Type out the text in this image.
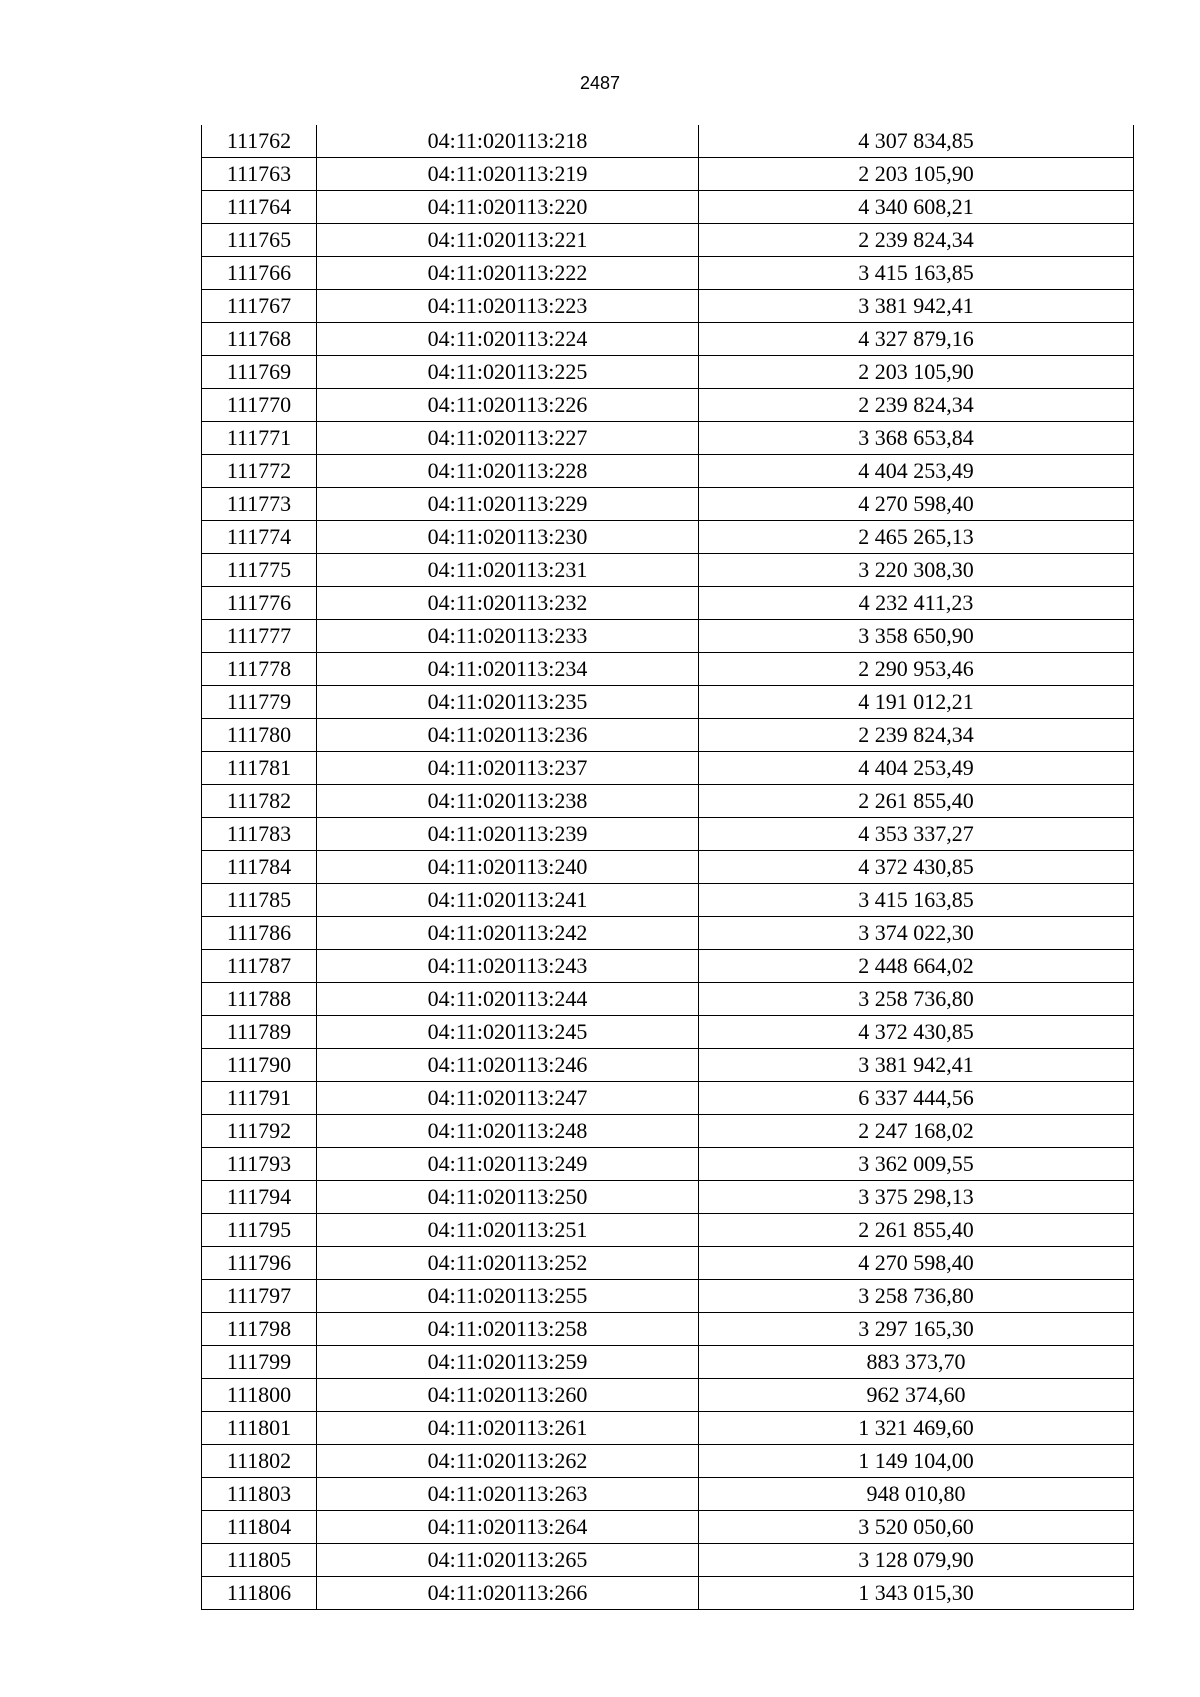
2487
111762	04:11:020113:218	4 307 834,85
111763	04:11:020113:219	2 203 105,90
111764	04:11:020113:220	4 340 608,21
111765	04:11:020113:221	2 239 824,34
111766	04:11:020113:222	3 415 163,85
111767	04:11:020113:223	3 381 942,41
111768	04:11:020113:224	4 327 879,16
111769	04:11:020113:225	2 203 105,90
111770	04:11:020113:226	2 239 824,34
111771	04:11:020113:227	3 368 653,84
111772	04:11:020113:228	4 404 253,49
111773	04:11:020113:229	4 270 598,40
111774	04:11:020113:230	2 465 265,13
111775	04:11:020113:231	3 220 308,30
111776	04:11:020113:232	4 232 411,23
111777	04:11:020113:233	3 358 650,90
111778	04:11:020113:234	2 290 953,46
111779	04:11:020113:235	4 191 012,21
111780	04:11:020113:236	2 239 824,34
111781	04:11:020113:237	4 404 253,49
111782	04:11:020113:238	2 261 855,40
111783	04:11:020113:239	4 353 337,27
111784	04:11:020113:240	4 372 430,85
111785	04:11:020113:241	3 415 163,85
111786	04:11:020113:242	3 374 022,30
111787	04:11:020113:243	2 448 664,02
111788	04:11:020113:244	3 258 736,80
111789	04:11:020113:245	4 372 430,85
111790	04:11:020113:246	3 381 942,41
111791	04:11:020113:247	6 337 444,56
111792	04:11:020113:248	2 247 168,02
111793	04:11:020113:249	3 362 009,55
111794	04:11:020113:250	3 375 298,13
111795	04:11:020113:251	2 261 855,40
111796	04:11:020113:252	4 270 598,40
111797	04:11:020113:255	3 258 736,80
111798	04:11:020113:258	3 297 165,30
111799	04:11:020113:259	883 373,70
111800	04:11:020113:260	962 374,60
111801	04:11:020113:261	1 321 469,60
111802	04:11:020113:262	1 149 104,00
111803	04:11:020113:263	948 010,80
111804	04:11:020113:264	3 520 050,60
111805	04:11:020113:265	3 128 079,90
111806	04:11:020113:266	1 343 015,30
